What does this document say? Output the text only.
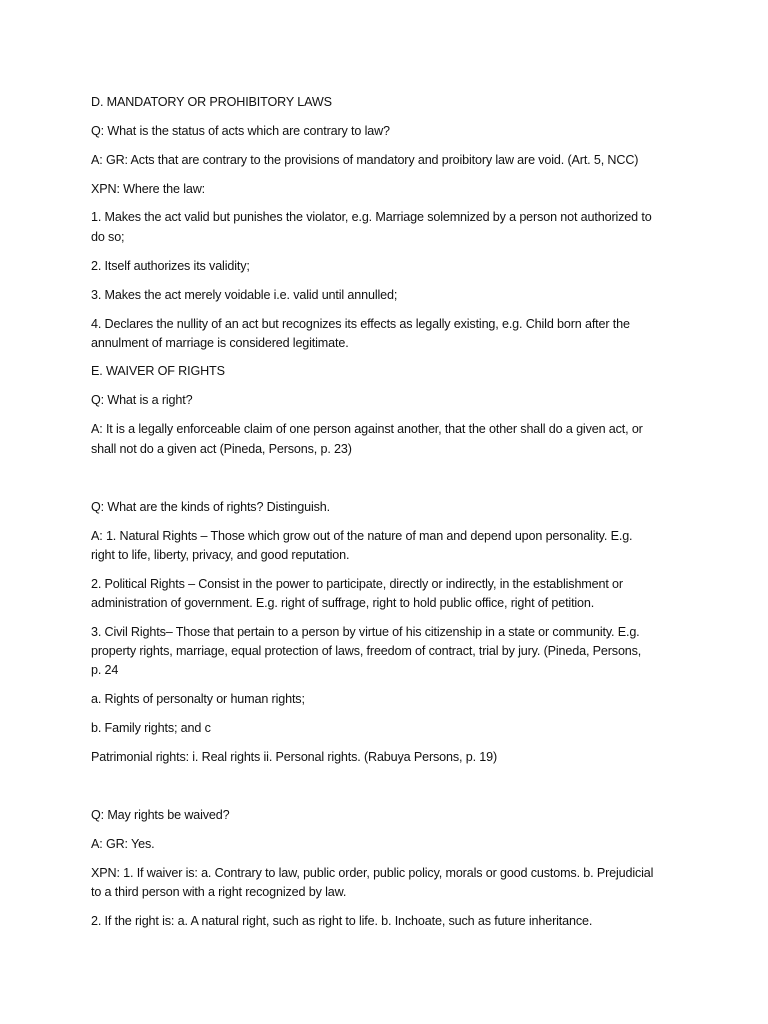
D. MANDATORY OR PROHIBITORY LAWS
Q: What is the status of acts which are contrary to law?
A: GR: Acts that are contrary to the provisions of mandatory and proibitory law are void. (Art. 5, NCC)
XPN: Where the law:
1. Makes the act valid but punishes the violator, e.g. Marriage solemnized by a person not authorized to
do so;
2. Itself authorizes its validity;
3. Makes the act merely voidable i.e. valid until annulled;
4. Declares the nullity of an act but recognizes its effects as legally existing, e.g. Child born after the
annulment of marriage is considered legitimate.
E. WAIVER OF RIGHTS
Q: What is a right?
A: It is a legally enforceable claim of one person against another, that the other shall do a given act, or
shall not do a given act (Pineda, Persons, p. 23)
Q: What are the kinds of rights? Distinguish.
A: 1. Natural Rights – Those which grow out of the nature of man and depend upon personality. E.g.
right to life, liberty, privacy, and good reputation.
2. Political Rights – Consist in the power to participate, directly or indirectly, in the establishment or
administration of government. E.g. right of suffrage, right to hold public office, right of petition.
3. Civil Rights– Those that pertain to a person by virtue of his citizenship in a state or community. E.g.
property rights, marriage, equal protection of laws, freedom of contract, trial by jury. (Pineda, Persons,
p. 24
a. Rights of personalty or human rights;
b. Family rights; and c
Patrimonial rights: i. Real rights ii. Personal rights. (Rabuya Persons, p. 19)
Q: May rights be waived?
A: GR: Yes.
XPN: 1. If waiver is: a. Contrary to law, public order, public policy, morals or good customs. b. Prejudicial
to a third person with a right recognized by law.
2. If the right is: a. A natural right, such as right to life. b. Inchoate, such as future inheritance.
